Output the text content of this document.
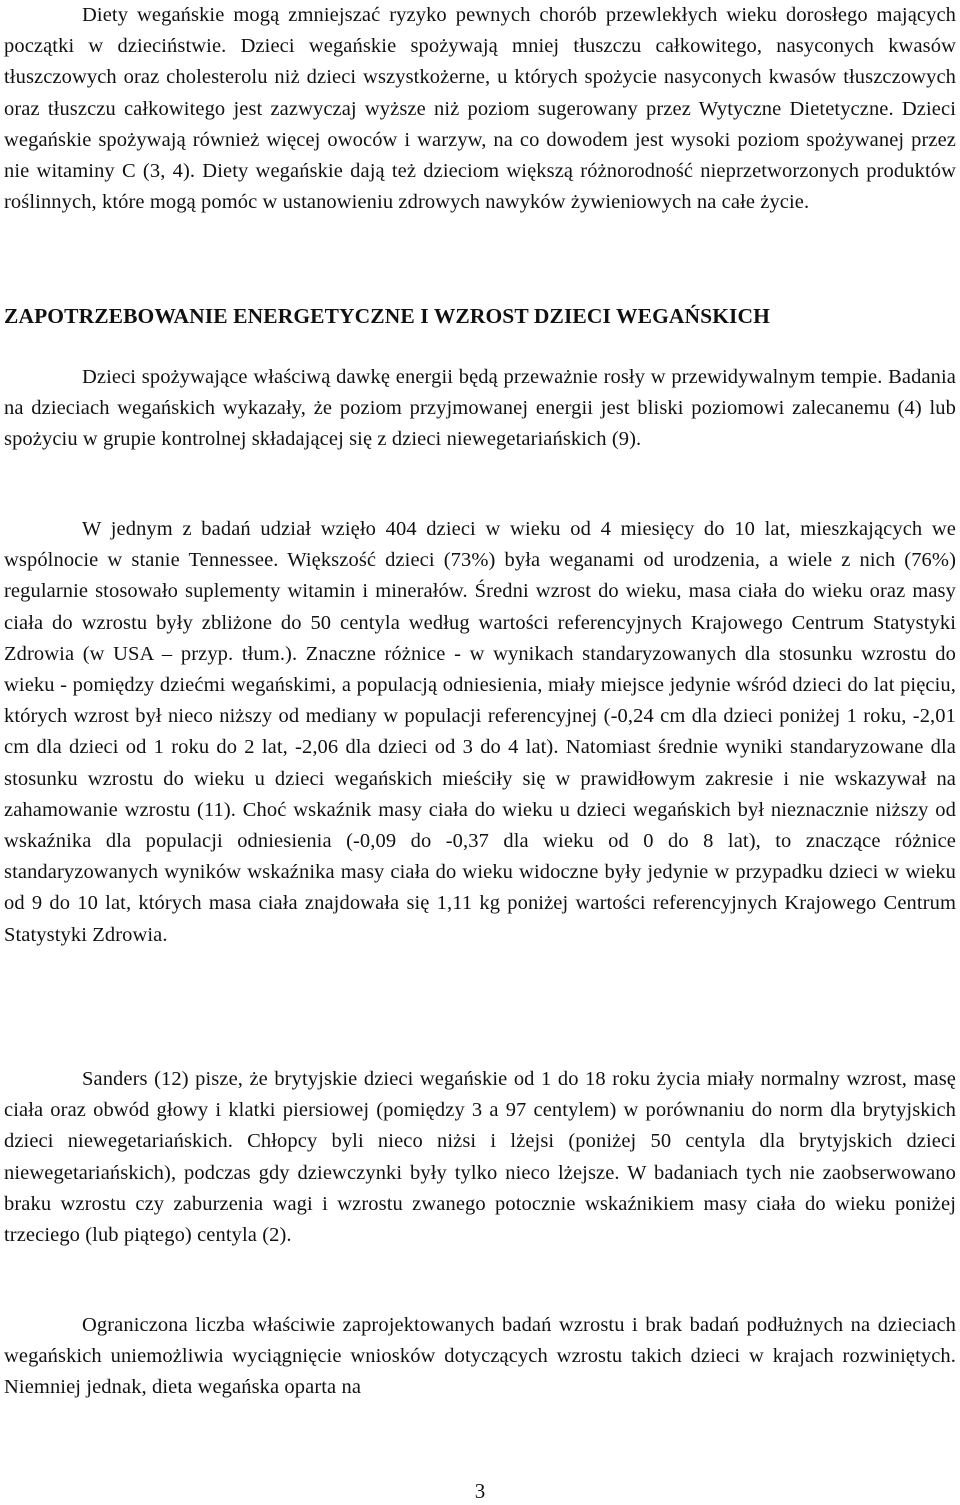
Diety wegańskie mogą zmniejszać ryzyko pewnych chorób przewlekłych wieku dorosłego mających początki w dzieciństwie. Dzieci wegańskie spożywają mniej tłuszczu całkowitego, nasyconych kwasów tłuszczowych oraz cholesterolu niż dzieci wszystkożerne, u których spożycie nasyconych kwasów tłuszczowych oraz tłuszczu całkowitego jest zazwyczaj wyższe niż poziom sugerowany przez Wytyczne Dietetyczne. Dzieci wegańskie spożywają również więcej owoców i warzyw, na co dowodem jest wysoki poziom spożywanej przez nie witaminy C (3, 4). Diety wegańskie dają też dzieciom większą różnorodność nieprzetworzonych produktów roślinnych, które mogą pomóc w ustanowieniu zdrowych nawyków żywieniowych na całe życie.

ZAPOTRZEBOWANIE ENERGETYCZNE I WZROST DZIECI WEGAŃSKICH

Dzieci spożywające właściwą dawkę energii będą przeważnie rosły w przewidywalnym tempie. Badania na dzieciach wegańskich wykazały, że poziom przyjmowanej energii jest bliski poziomowi zalecanemu (4) lub spożyciu w grupie kontrolnej składającej się z dzieci niewegetariańskich (9).

W jednym z badań udział wzięło 404 dzieci w wieku od 4 miesięcy do 10 lat, mieszkających we wspólnocie w stanie Tennessee. Większość dzieci (73%) była weganami od urodzenia, a wiele z nich (76%) regularnie stosowało suplementy witamin i minerałów. Średni wzrost do wieku, masa ciała do wieku oraz masy ciała do wzrostu były zbliżone do 50 centyla według wartości referencyjnych Krajowego Centrum Statystyki Zdrowia (w USA – przyp. tłum.). Znaczne różnice - w wynikach standaryzowanych dla stosunku wzrostu do wieku - pomiędzy dziećmi wegańskimi, a populacją odniesienia, miały miejsce jedynie wśród dzieci do lat pięciu, których wzrost był nieco niższy od mediany w populacji referencyjnej (-0,24 cm dla dzieci poniżej 1 roku, -2,01 cm dla dzieci od 1 roku do 2 lat, -2,06 dla dzieci od 3 do 4 lat). Natomiast średnie wyniki standaryzowane dla stosunku wzrostu do wieku u dzieci wegańskich mieściły się w prawidłowym zakresie i nie wskazywał na zahamowanie wzrostu (11). Choć wskaźnik masy ciała do wieku u dzieci wegańskich był nieznacznie niższy od wskaźnika dla populacji odniesienia (-0,09 do -0,37 dla wieku od 0 do 8 lat), to znaczące różnice standaryzowanych wyników wskaźnika masy ciała do wieku widoczne były jedynie w przypadku dzieci w wieku od 9 do 10 lat, których masa ciała znajdowała się 1,11 kg poniżej wartości referencyjnych Krajowego Centrum Statystyki Zdrowia.

Sanders (12) pisze, że brytyjskie dzieci wegańskie od 1 do 18 roku życia miały normalny wzrost, masę ciała oraz obwód głowy i klatki piersiowej (pomiędzy 3 a 97 centylem) w porównaniu do norm dla brytyjskich dzieci niewegetariańskich. Chłopcy byli nieco niżsi i lżejsi (poniżej 50 centyla dla brytyjskich dzieci niewegetariańskich), podczas gdy dziewczynki były tylko nieco lżejsze. W badaniach tych nie zaobserwowano braku wzrostu czy zaburzenia wagi i wzrostu zwanego potocznie wskaźnikiem masy ciała do wieku poniżej trzeciego (lub piątego) centyla (2).

Ograniczona liczba właściwie zaprojektowanych badań wzrostu i brak badań podłużnych na dzieciach wegańskich uniemożliwia wyciągnięcie wniosków dotyczących wzrostu takich dzieci w krajach rozwiniętych. Niemniej jednak, dieta wegańska oparta na

3
